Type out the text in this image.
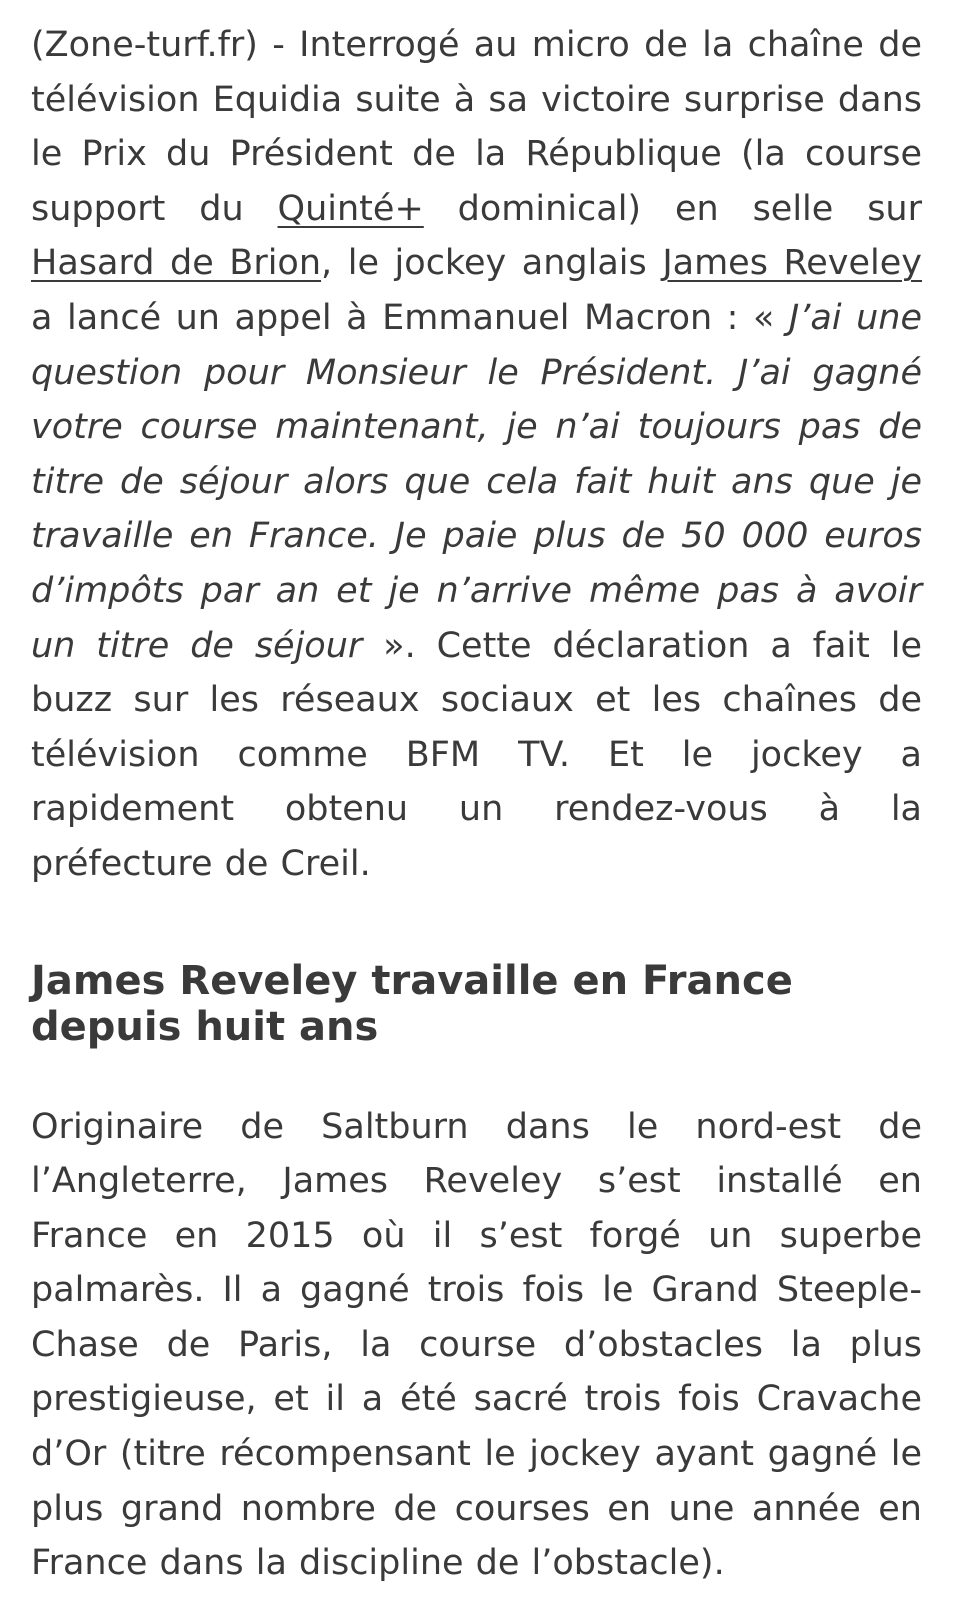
(Zone-turf.fr) - Interrogé au micro de la chaîne de télévision Equidia suite à sa victoire surprise dans le Prix du Président de la République (la course support du Quinté+ dominical) en selle sur Hasard de Brion, le jockey anglais James Reveley a lancé un appel à Emmanuel Macron : « J’ai une question pour Monsieur le Président. J’ai gagné votre course maintenant, je n’ai toujours pas de titre de séjour alors que cela fait huit ans que je travaille en France. Je paie plus de 50 000 euros d’impôts par an et je n’arrive même pas à avoir un titre de séjour ». Cette déclaration a fait le buzz sur les réseaux sociaux et les chaînes de télévision comme BFM TV. Et le jockey a rapidement obtenu un rendez-vous à la préfecture de Creil.

James Reveley travaille en France depuis huit ans

Originaire de Saltburn dans le nord-est de l’Angleterre, James Reveley s’est installé en France en 2015 où il s’est forgé un superbe palmarès. Il a gagné trois fois le Grand Steeple-Chase de Paris, la course d’obstacles la plus prestigieuse, et il a été sacré trois fois Cravache d’Or (titre récompensant le jockey ayant gagné le plus grand nombre de courses en une année en France dans la discipline de l’obstacle).
